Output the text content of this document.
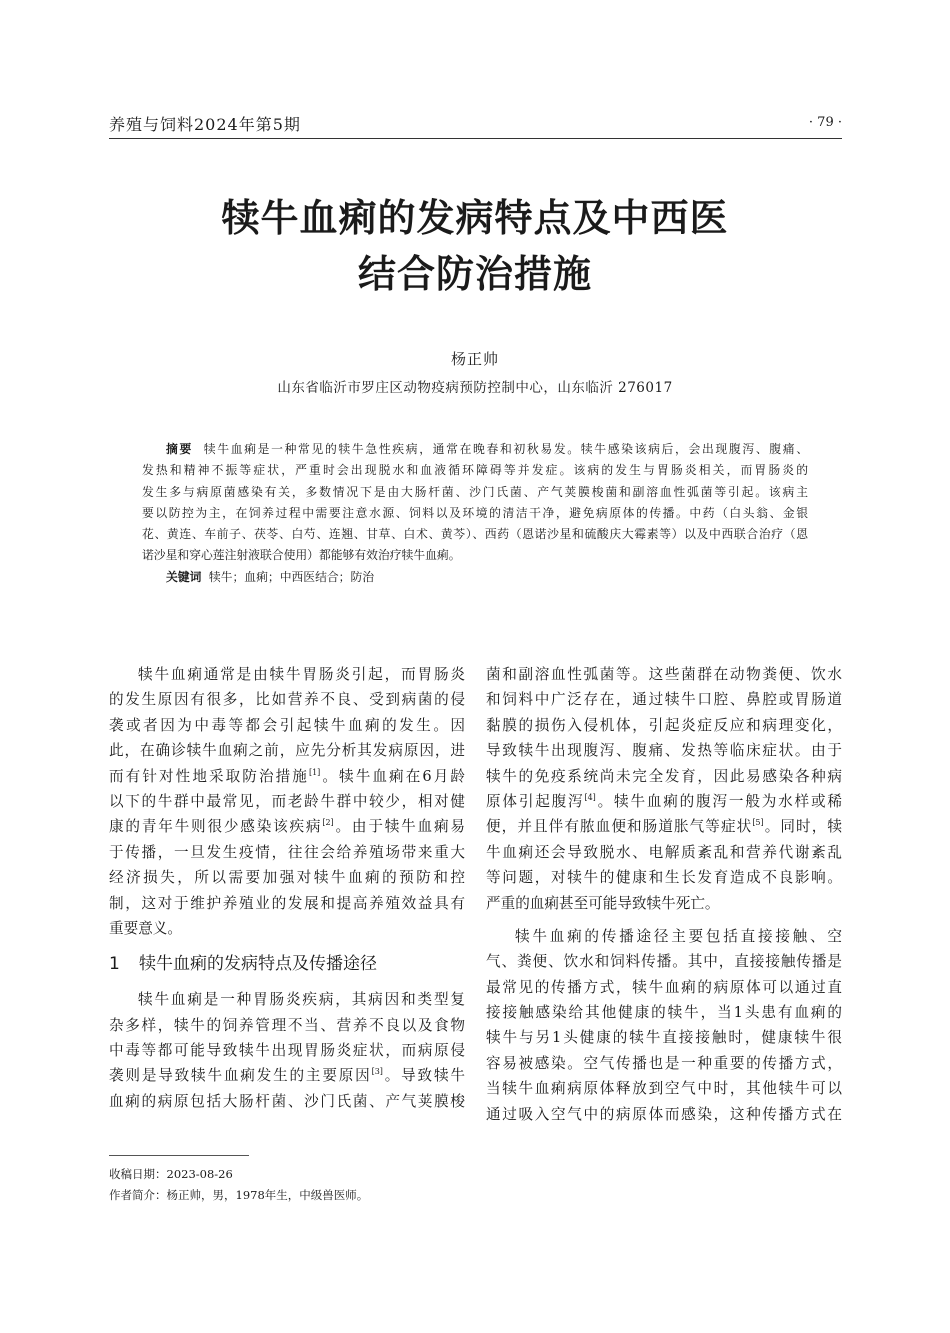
养殖与饲料2024年第5期	· 79 ·
犊牛血痢的发病特点及中西医
结合防治措施
杨正帅
山东省临沂市罗庄区动物疫病预防控制中心，山东临沂 276017
摘要 犊牛血痢是一种常见的犊牛急性疾病，通常在晚春和初秋易发。犊牛感染该病后，会出现腹泻、腹痛、
发热和精神不振等症状，严重时会出现脱水和血液循环障碍等并发症。该病的发生与胃肠炎相关，而胃肠炎的
发生多与病原菌感染有关，多数情况下是由大肠杆菌、沙门氏菌、产气荚膜梭菌和副溶血性弧菌等引起。该病主
要以防控为主，在饲养过程中需要注意水源、饲料以及环境的清洁干净，避免病原体的传播。中药（白头翁、金银
花、黄连、车前子、茯苓、白芍、连翘、甘草、白术、黄芩）、西药（恩诺沙星和硫酸庆大霉素等）以及中西联合治疗（恩
诺沙星和穿心莲注射液联合使用）都能够有效治疗犊牛血痢。
关键词 犊牛；血痢；中西医结合；防治
犊牛血痢通常是由犊牛胃肠炎引起，而胃肠炎
的发生原因有很多，比如营养不良、受到病菌的侵
袭或者因为中毒等都会引起犊牛血痢的发生。因
此，在确诊犊牛血痢之前，应先分析其发病原因，进
而有针对性地采取防治措施[1]。犊牛血痢在6月龄
以下的牛群中最常见，而老龄牛群中较少，相对健
康的青年牛则很少感染该疾病[2]。由于犊牛血痢易
于传播，一旦发生疫情，往往会给养殖场带来重大
经济损失，所以需要加强对犊牛血痢的预防和控
制，这对于维护养殖业的发展和提高养殖效益具有
重要意义。
1 犊牛血痢的发病特点及传播途径
犊牛血痢是一种胃肠炎疾病，其病因和类型复
杂多样，犊牛的饲养管理不当、营养不良以及食物
中毒等都可能导致犊牛出现胃肠炎症状，而病原侵
袭则是导致犊牛血痢发生的主要原因[3]。导致犊牛
血痢的病原包括大肠杆菌、沙门氏菌、产气荚膜梭
菌和副溶血性弧菌等。这些菌群在动物粪便、饮水
和饲料中广泛存在，通过犊牛口腔、鼻腔或胃肠道
黏膜的损伤入侵机体，引起炎症反应和病理变化，
导致犊牛出现腹泻、腹痛、发热等临床症状。由于
犊牛的免疫系统尚未完全发育，因此易感染各种病
原体引起腹泻[4]。犊牛血痢的腹泻一般为水样或稀
便，并且伴有脓血便和肠道胀气等症状[5]。同时，犊
牛血痢还会导致脱水、电解质紊乱和营养代谢紊乱
等问题，对犊牛的健康和生长发育造成不良影响。
严重的血痢甚至可能导致犊牛死亡。
犊牛血痢的传播途径主要包括直接接触、空
气、粪便、饮水和饲料传播。其中，直接接触传播是
最常见的传播方式，犊牛血痢的病原体可以通过直
接接触感染给其他健康的犊牛，当1头患有血痢的
犊牛与另1头健康的犊牛直接接触时，健康犊牛很
容易被感染。空气传播也是一种重要的传播方式，
当犊牛血痢病原体释放到空气中时，其他犊牛可以
通过吸入空气中的病原体而感染，这种传播方式在
收稿日期：2023-08-26
作者简介：杨正帅，男，1978年生，中级兽医师。
